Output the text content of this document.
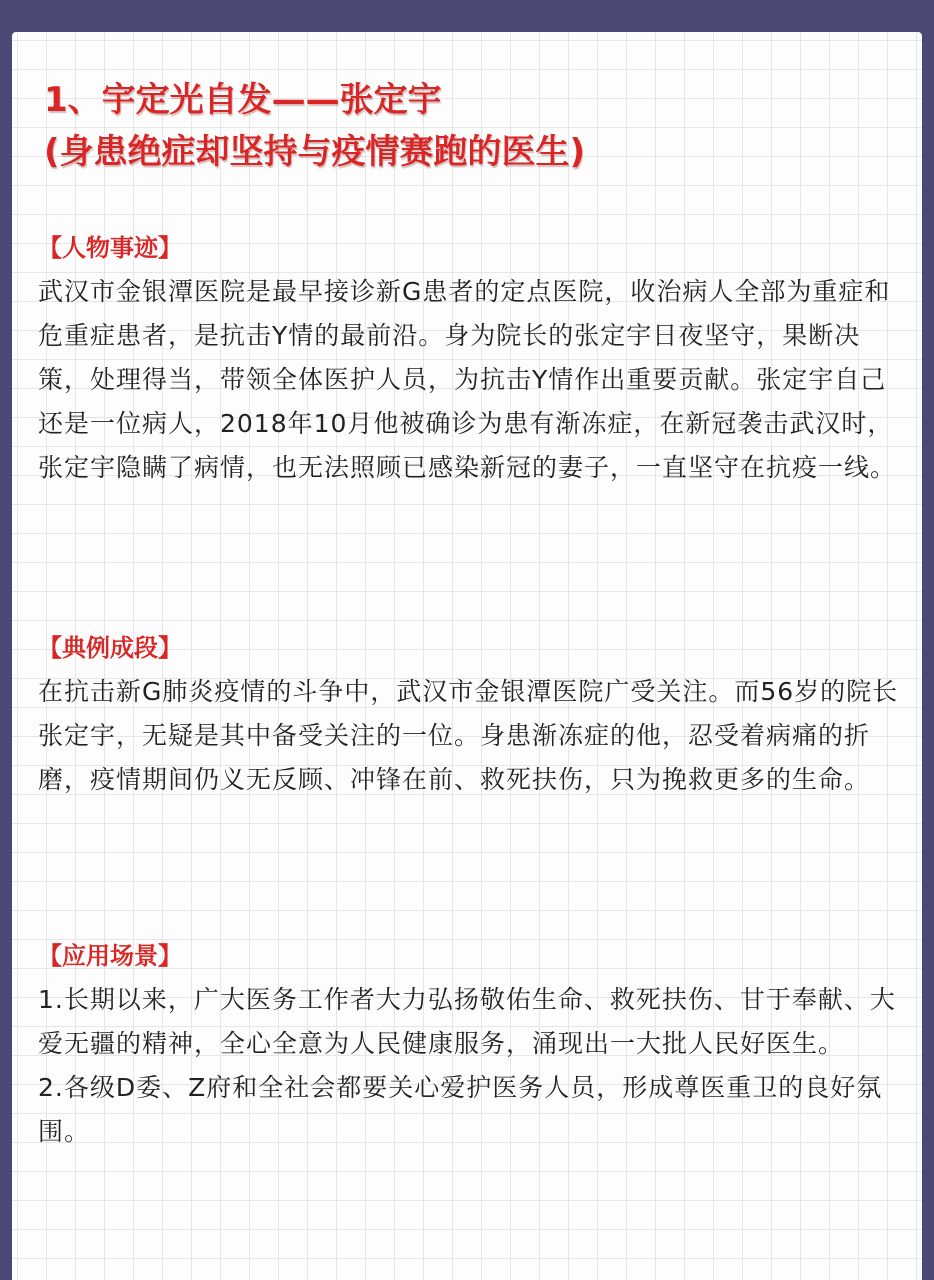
1、宇定光自发——张定宇
(身患绝症却坚持与疫情赛跑的医生)
【人物事迹】

武汉市金银潭医院是最早接诊新G患者的定点医院，收治病人全部为重症和危重症患者，是抗击Y情的最前沿。身为院长的张定宇日夜坚守，果断决策，处理得当，带领全体医护人员，为抗击Y情作出重要贡献。张定宇自己还是一位病人，2018年10月他被确诊为患有渐冻症，在新冠袭击武汉时，张定宇隐瞒了病情，也无法照顾已感染新冠的妻子，一直坚守在抗疫一线。

【典例成段】

在抗击新G肺炎疫情的斗争中，武汉市金银潭医院广受关注。而56岁的院长张定宇，无疑是其中备受关注的一位。身患渐冻症的他，忍受着病痛的折磨，疫情期间仍义无反顾、冲锋在前、救死扶伤，只为挽救更多的生命。

【应用场景】

1.长期以来，广大医务工作者大力弘扬敬佑生命、救死扶伤、甘于奉献、大爱无疆的精神，全心全意为人民健康服务，涌现出一大批人民好医生。

2.各级D委、Z府和全社会都要关心爱护医务人员，形成尊医重卫的良好氛围。
